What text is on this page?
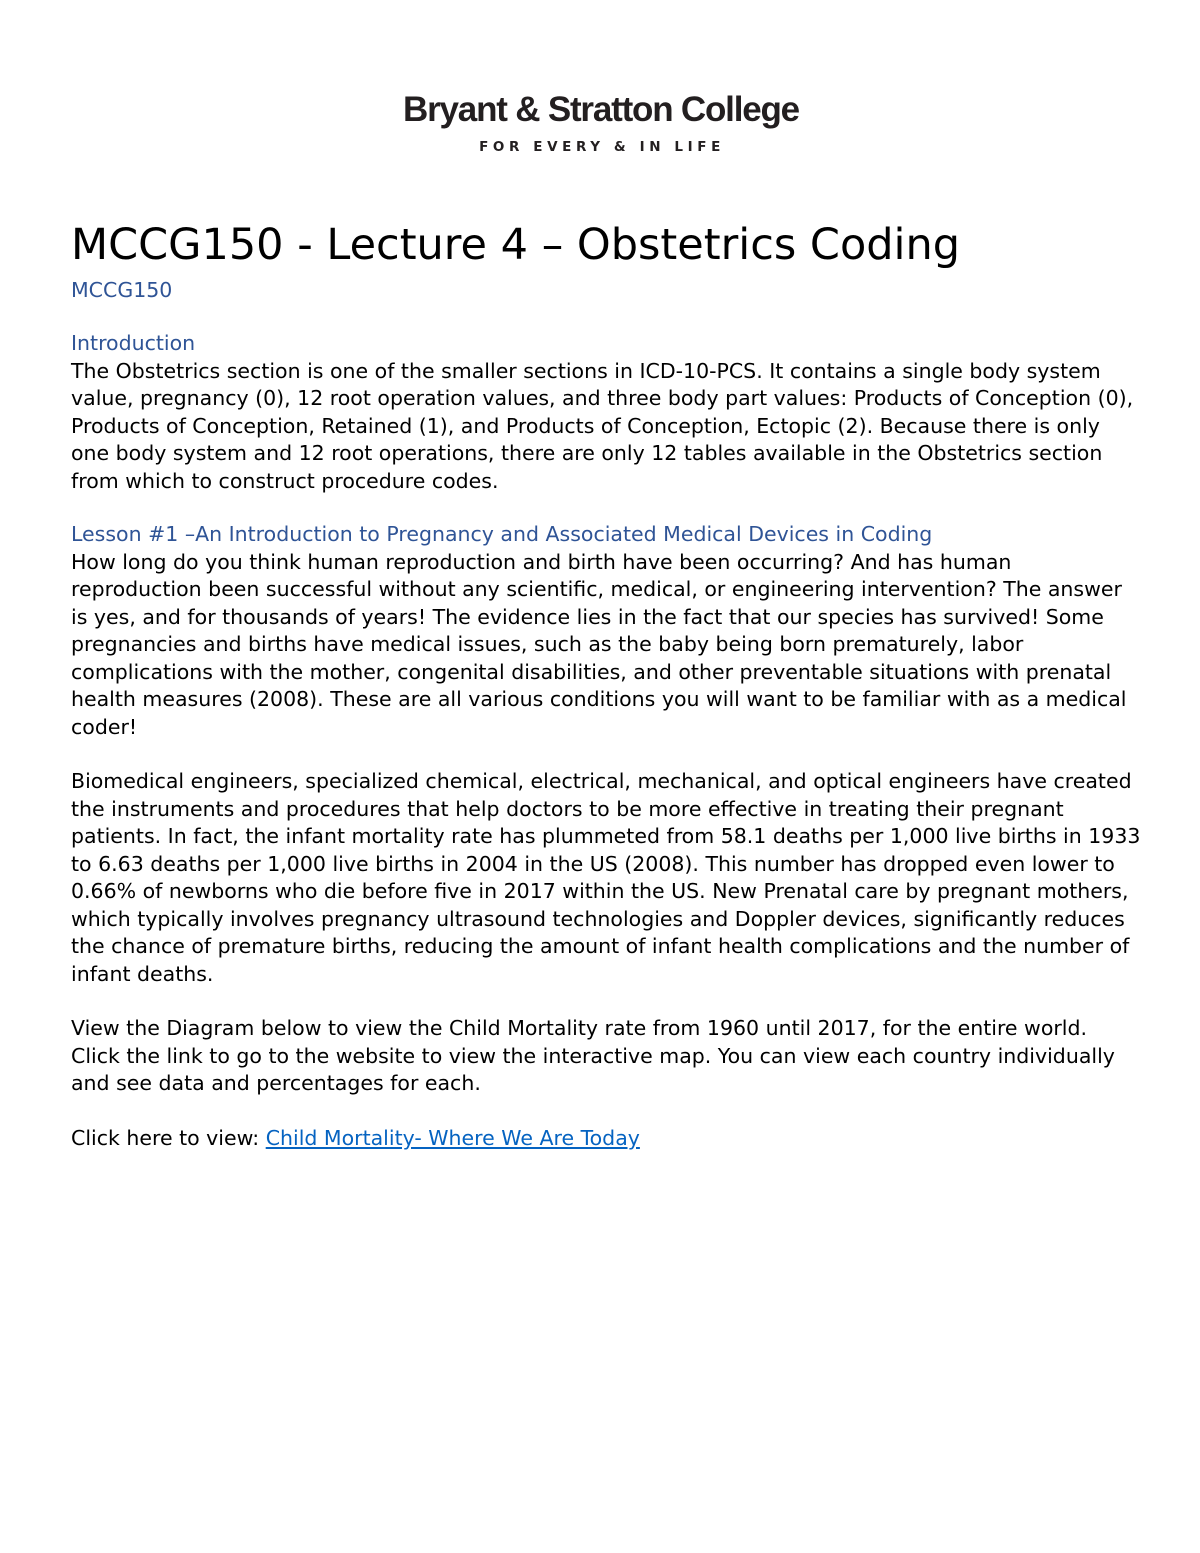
Bryant & Stratton College
FOR EVERY & IN LIFE
MCCG150 - Lecture 4 – Obstetrics Coding

MCCG150

Introduction

The Obstetrics section is one of the smaller sections in ICD-10-PCS. It contains a single body system value, pregnancy (0), 12 root operation values, and three body part values: Products of Conception (0), Products of Conception, Retained (1), and Products of Conception, Ectopic (2). Because there is only one body system and 12 root operations, there are only 12 tables available in the Obstetrics section from which to construct procedure codes.

Lesson #1 –An Introduction to Pregnancy and Associated Medical Devices in Coding

How long do you think human reproduction and birth have been occurring? And has human reproduction been successful without any scientific, medical, or engineering intervention? The answer is yes, and for thousands of years! The evidence lies in the fact that our species has survived! Some pregnancies and births have medical issues, such as the baby being born prematurely, labor complications with the mother, congenital disabilities, and other preventable situations with prenatal health measures (2008). These are all various conditions you will want to be familiar with as a medical coder!

Biomedical engineers, specialized chemical, electrical, mechanical, and optical engineers have created the instruments and procedures that help doctors to be more effective in treating their pregnant patients. In fact, the infant mortality rate has plummeted from 58.1 deaths per 1,000 live births in 1933 to 6.63 deaths per 1,000 live births in 2004 in the US (2008). This number has dropped even lower to 0.66% of newborns who die before five in 2017 within the US. New Prenatal care by pregnant mothers, which typically involves pregnancy ultrasound technologies and Doppler devices, significantly reduces the chance of premature births, reducing the amount of infant health complications and the number of infant deaths.

View the Diagram below to view the Child Mortality rate from 1960 until 2017, for the entire world. Click the link to go to the website to view the interactive map. You can view each country individually and see data and percentages for each.

Click here to view: Child Mortality- Where We Are Today
